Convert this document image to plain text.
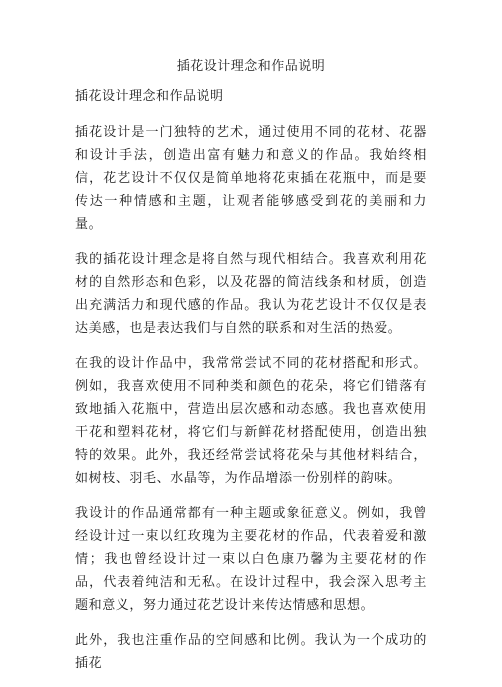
插花设计理念和作品说明
插花设计理念和作品说明

插花设计是一门独特的艺术，通过使用不同的花材、花器和设计手法，创造出富有魅力和意义的作品。我始终相信，花艺设计不仅仅是简单地将花束插在花瓶中，而是要传达一种情感和主题，让观者能够感受到花的美丽和力量。

我的插花设计理念是将自然与现代相结合。我喜欢利用花材的自然形态和色彩，以及花器的简洁线条和材质，创造出充满活力和现代感的作品。我认为花艺设计不仅仅是表达美感，也是表达我们与自然的联系和对生活的热爱。

在我的设计作品中，我常常尝试不同的花材搭配和形式。例如，我喜欢使用不同种类和颜色的花朵，将它们错落有致地插入花瓶中，营造出层次感和动态感。我也喜欢使用干花和塑料花材，将它们与新鲜花材搭配使用，创造出独特的效果。此外，我还经常尝试将花朵与其他材料结合，如树枝、羽毛、水晶等，为作品增添一份别样的韵味。

我设计的作品通常都有一种主题或象征意义。例如，我曾经设计过一束以红玫瑰为主要花材的作品，代表着爱和激情；我也曾经设计过一束以白色康乃馨为主要花材的作品，代表着纯洁和无私。在设计过程中，我会深入思考主题和意义，努力通过花艺设计来传达情感和思想。

此外，我也注重作品的空间感和比例。我认为一个成功的插花
